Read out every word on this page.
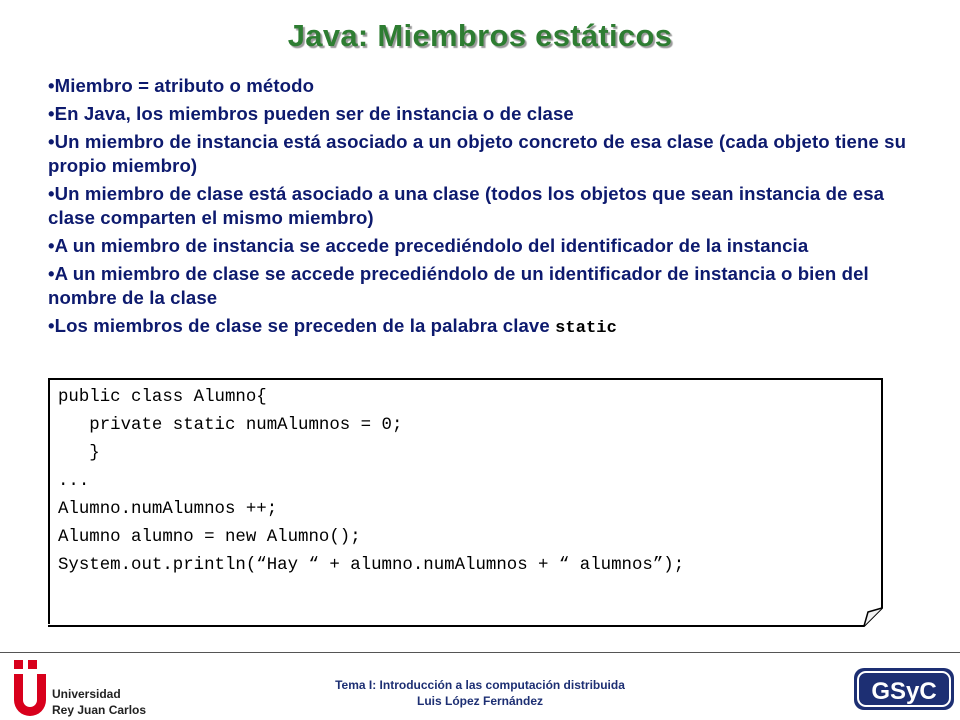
Java: Miembros estáticos
•Miembro = atributo o método
•En Java, los miembros pueden ser de instancia o de clase
•Un miembro de instancia está asociado a un objeto concreto de esa clase (cada objeto tiene su propio miembro)
•Un miembro de clase está asociado a una clase (todos los objetos que sean instancia de esa clase comparten el mismo miembro)
•A un miembro de instancia se accede precediéndolo del identificador de la instancia
•A un miembro de clase se accede precediéndolo de un identificador de instancia o bien del nombre de la clase
•Los miembros de clase se preceden de la palabra clave static
public class Alumno{
private static numAlumnos = 0;
}
...
Alumno.numAlumnos ++;
Alumno alumno = new Alumno();
System.out.println(“Hay “ + alumno.numAlumnos + “ alumnos”);
Universidad
Rey Juan Carlos
Tema I: Introducción a las computación distribuida
Luis López Fernández	GSyC
